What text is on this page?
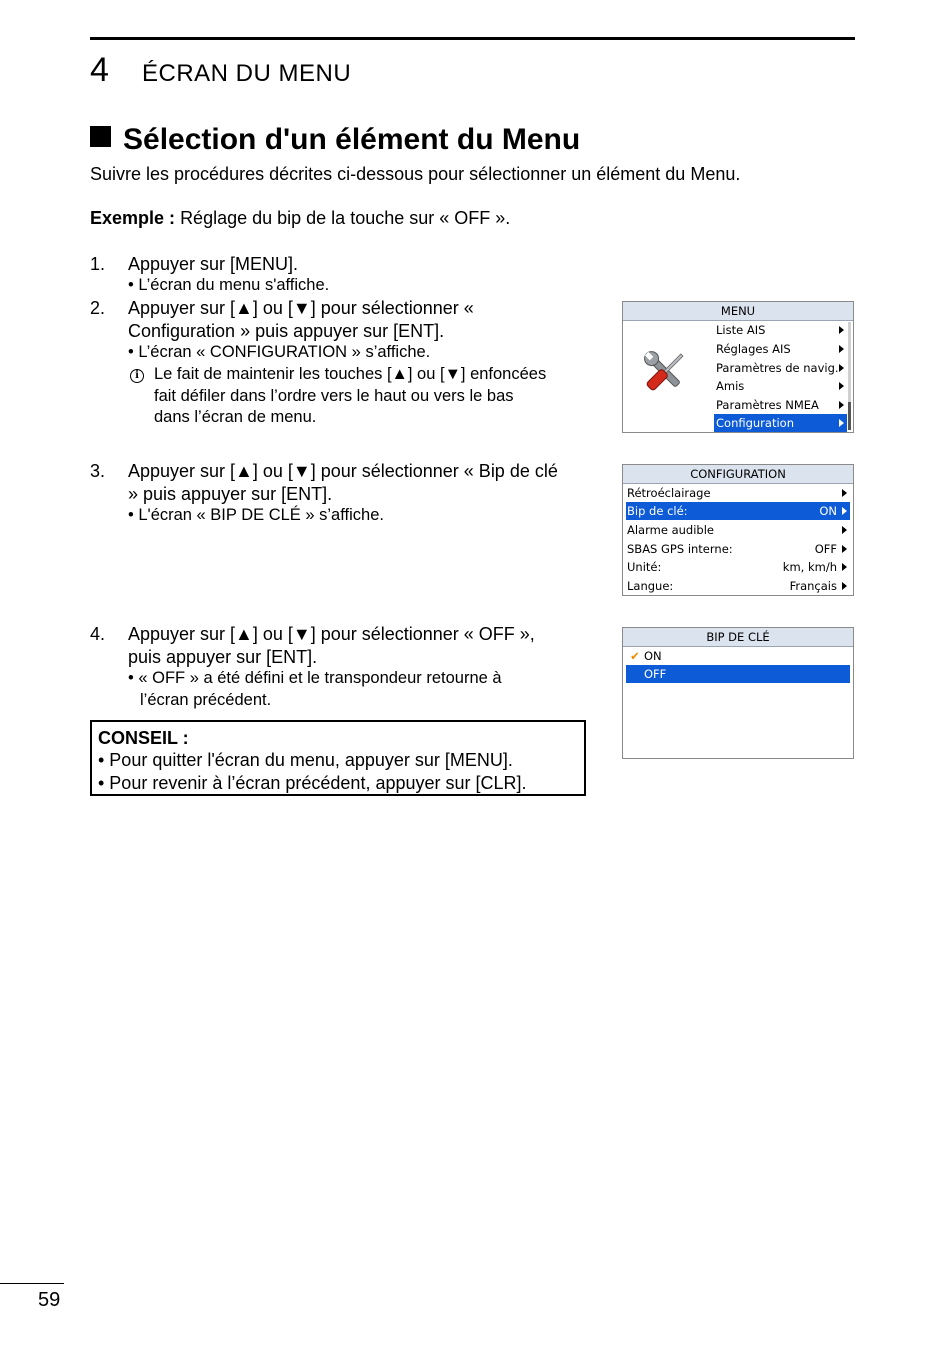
4 ÉCRAN DU MENU
Sélection d'un élément du Menu
Suivre les procédures décrites ci-dessous pour sélectionner un élément du Menu.
Exemple : Réglage du bip de la touche sur « OFF ».
1.	Appuyer sur [MENU].
• L’écran du menu s'affiche.
2.	Appuyer sur [▲] ou [▼] pour sélectionner «
Configuration » puis appuyer sur [ENT].
• L’écran « CONFIGURATION » s’affiche.
i Le fait de maintenir les touches [▲] ou [▼] enfoncées
fait défiler dans l’ordre vers le haut ou vers le bas
dans l’écran de menu.
3.	Appuyer sur [▲] ou [▼] pour sélectionner « Bip de clé
» puis appuyer sur [ENT].
• L'écran « BIP DE CLÉ » s’affiche.
4.	Appuyer sur [▲] ou [▼] pour sélectionner « OFF »,
puis appuyer sur [ENT].
• « OFF » a été défini et le transpondeur retourne à
l’écran précédent.
CONSEIL :
• Pour quitter l'écran du menu, appuyer sur [MENU].
• Pour revenir à l’écran précédent, appuyer sur [CLR].
MENU
Liste AIS
Réglages AIS
Paramètres de navig.
Amis
Paramètres NMEA
Configuration
CONFIGURATION
Rétroéclairage
Bip de clé:	ON
Alarme audible
SBAS GPS interne:	OFF
Unité:	km, km/h
Langue:	Français
BIP DE CLÉ
✔ ON
OFF
59
